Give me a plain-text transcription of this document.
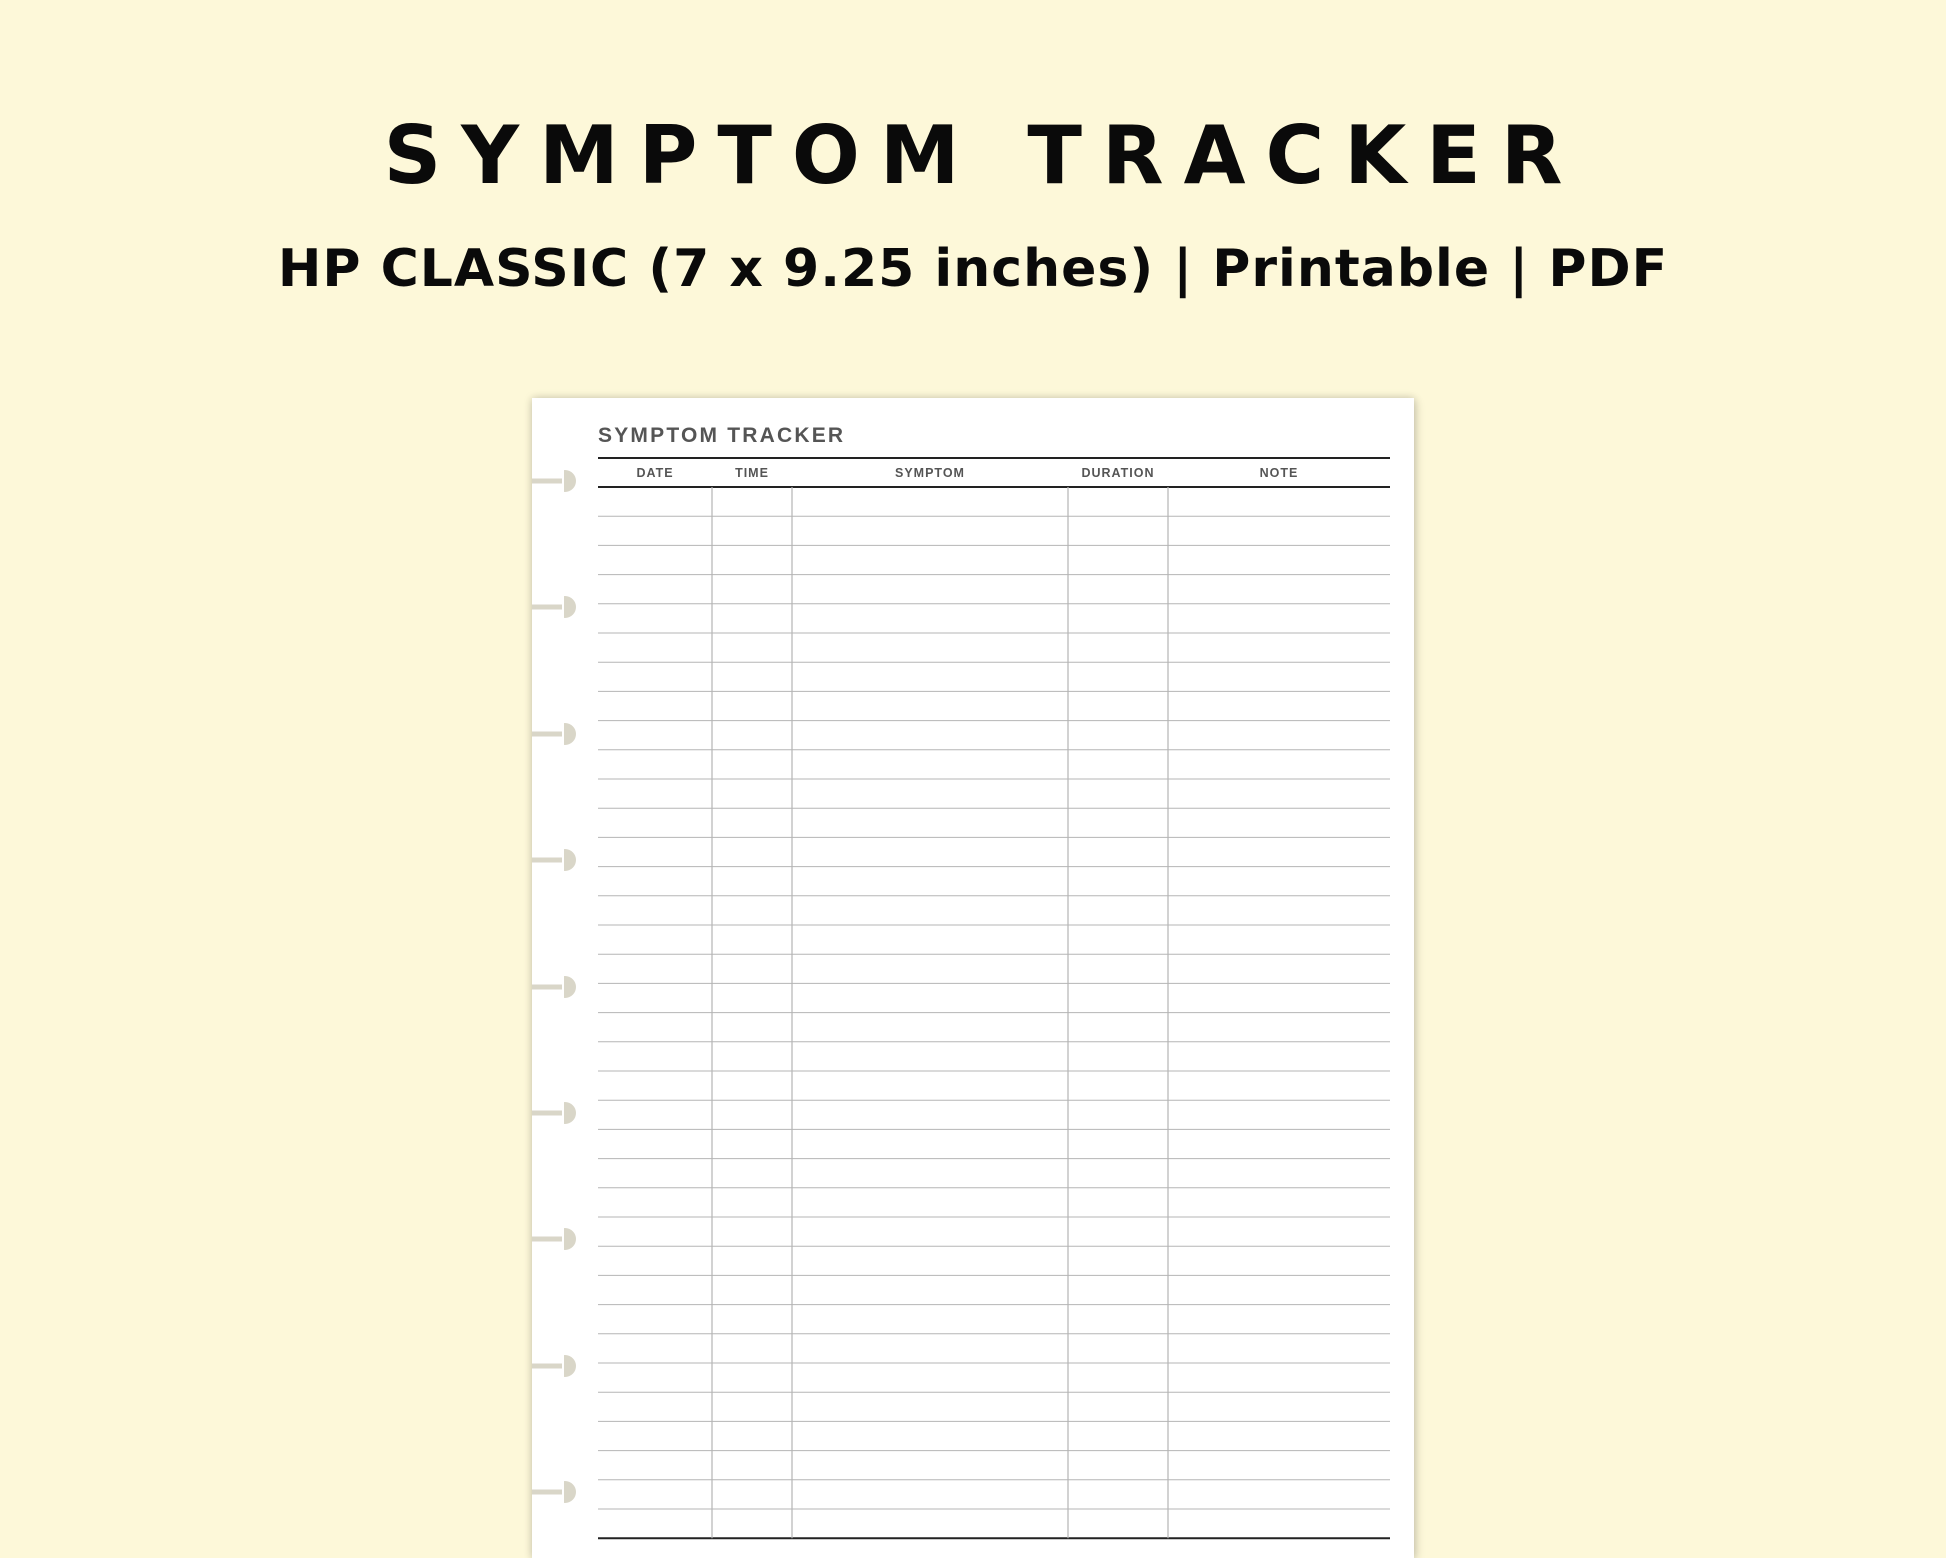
SYMPTOM TRACKER
HP CLASSIC (7 x 9.25 inches) | Printable | PDF
SYMPTOM TRACKER
DATE	TIME	SYMPTOM	DURATION	NOTE
